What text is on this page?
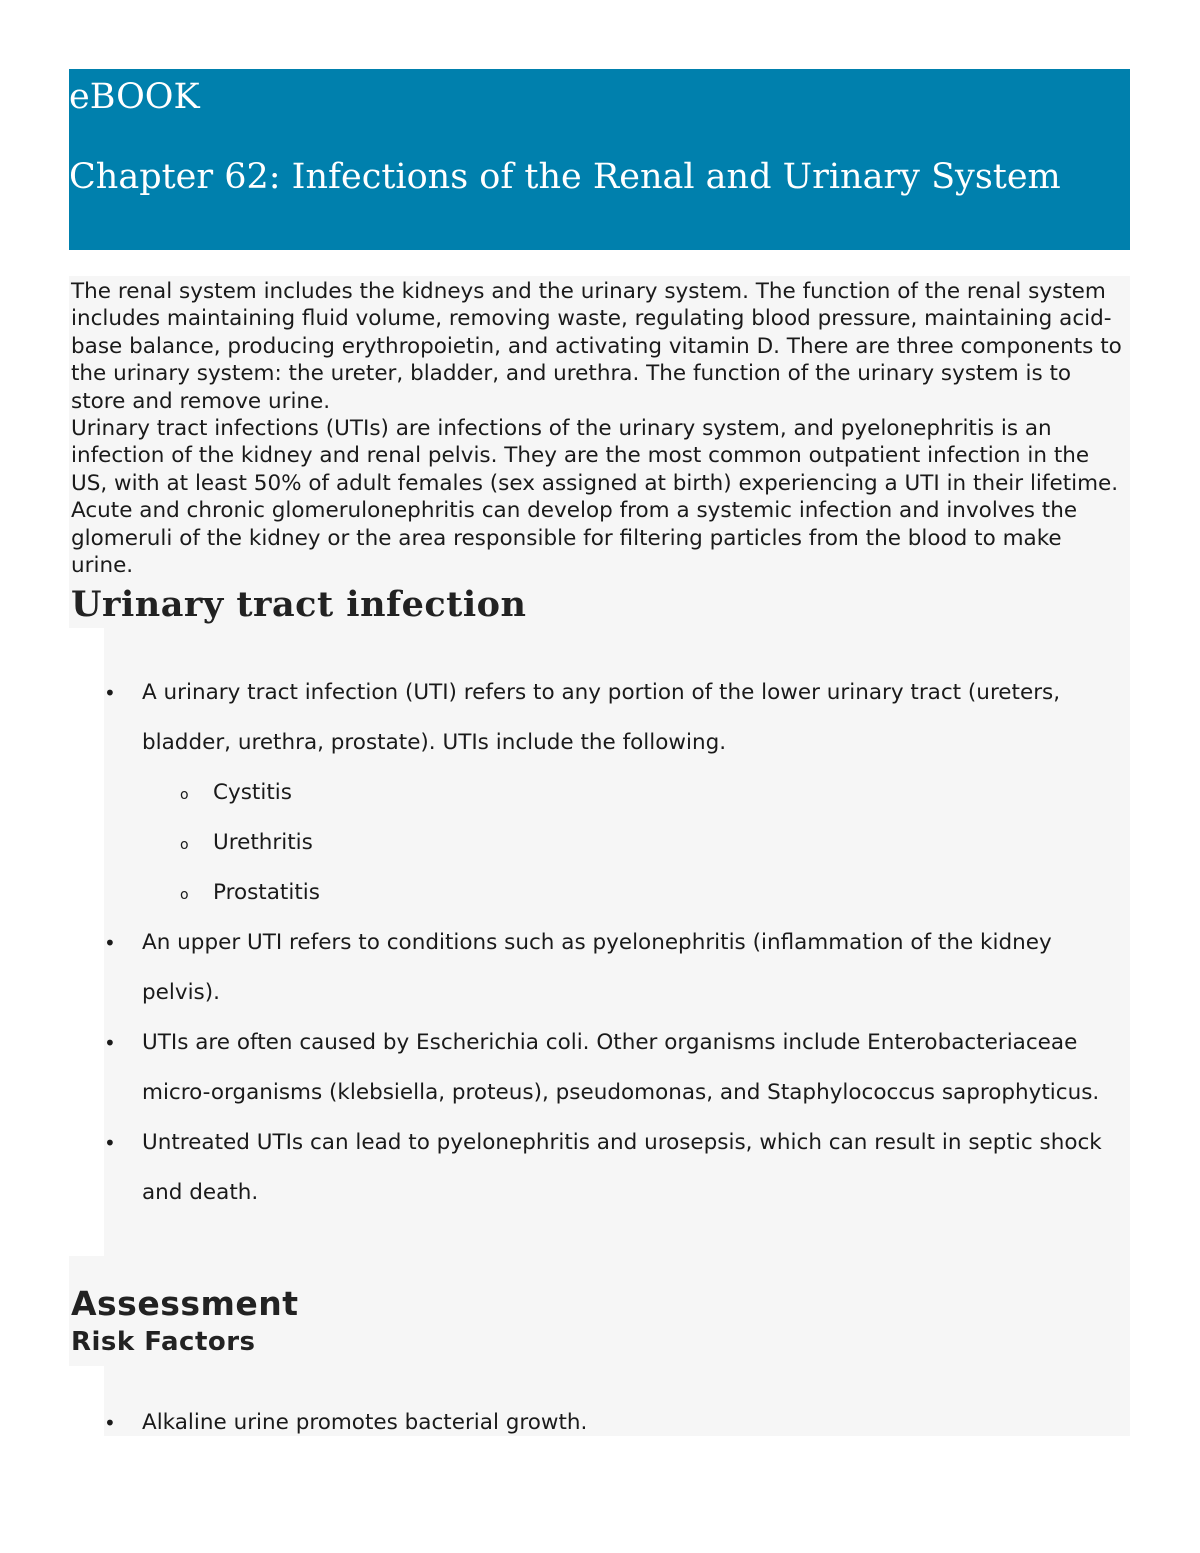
eBOOK
Chapter 62: Infections of the Renal and Urinary System

The renal system includes the kidneys and the urinary system. The function of the renal system includes maintaining fluid volume, removing waste, regulating blood pressure, maintaining acid-base balance, producing erythropoietin, and activating vitamin D. There are three components to the urinary system: the ureter, bladder, and urethra. The function of the urinary system is to store and remove urine.

Urinary tract infections (UTIs) are infections of the urinary system, and pyelonephritis is an infection of the kidney and renal pelvis. They are the most common outpatient infection in the US, with at least 50% of adult females (sex assigned at birth) experiencing a UTI in their lifetime. Acute and chronic glomerulonephritis can develop from a systemic infection and involves the glomeruli of the kidney or the area responsible for filtering particles from the blood to make urine.

Urinary tract infection
• A urinary tract infection (UTI) refers to any portion of the lower urinary tract (ureters, bladder, urethra, prostate). UTIs include the following.
o Cystitis
o Urethritis
o Prostatitis
• An upper UTI refers to conditions such as pyelonephritis (inflammation of the kidney pelvis).
• UTIs are often caused by Escherichia coli. Other organisms include Enterobacteriaceae micro-organisms (klebsiella, proteus), pseudomonas, and Staphylococcus saprophyticus.
• Untreated UTIs can lead to pyelonephritis and urosepsis, which can result in septic shock and death.
Assessment
Risk Factors
• Alkaline urine promotes bacterial growth.
